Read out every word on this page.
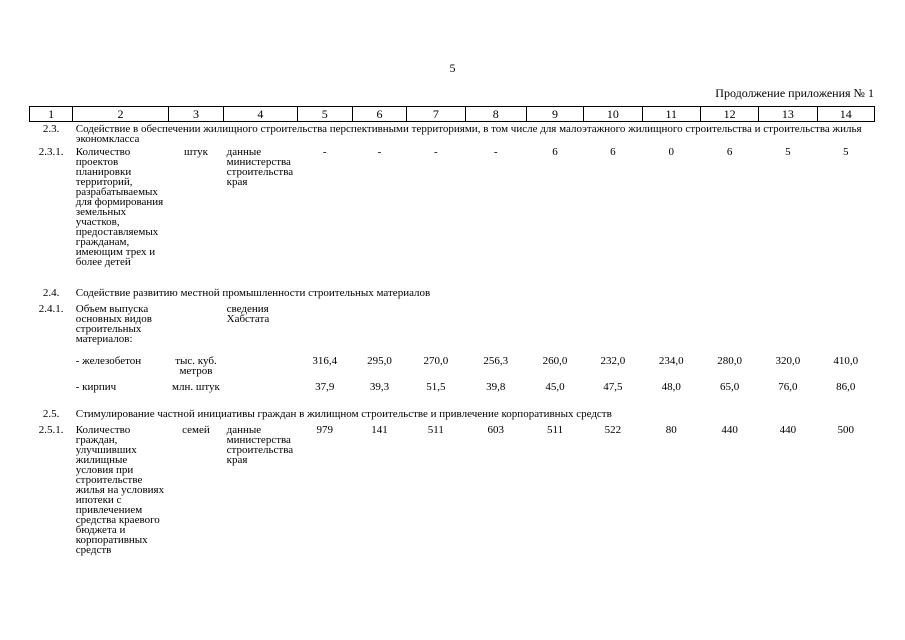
5
Продолжение приложения № 1
1	2	3	4	5	6	7	8	9	10	11	12	13	14
2.3.	Содействие в обеспечении жилищного строительства перспективными территориями, в том числе для малоэтажного жилищного строительства и строительства жилья экономкласса												
2.3.1.	Количество проектов планировки территорий, разрабатываемых для формирования земельных участков, предоставляемых гражданам, имеющим трех и более детей	штук	данные министерства строительства края	-	-	-	-	6	6	0	6	5	5
2.4.	Содействие развитию местной промышленности строительных материалов												
2.4.1.	Объем выпуска основных видов строительных материалов:		сведения Хабстата										
	- железобетон	тыс. куб. метров		316,4	295,0	270,0	256,3	260,0	232,0	234,0	280,0	320,0	410,0
	- кирпич	млн. штук		37,9	39,3	51,5	39,8	45,0	47,5	48,0	65,0	76,0	86,0
2.5.	Стимулирование частной инициативы граждан в жилищном строительстве и привлечение корпоративных средств												
2.5.1.	Количество граждан, улучшивших жилищные условия при строительстве жилья на условиях ипотеки с привлечением средства краевого бюджета и корпоративных средств	семей	данные министерства строительства края	979	141	511	603	511	522	80	440	440	500
